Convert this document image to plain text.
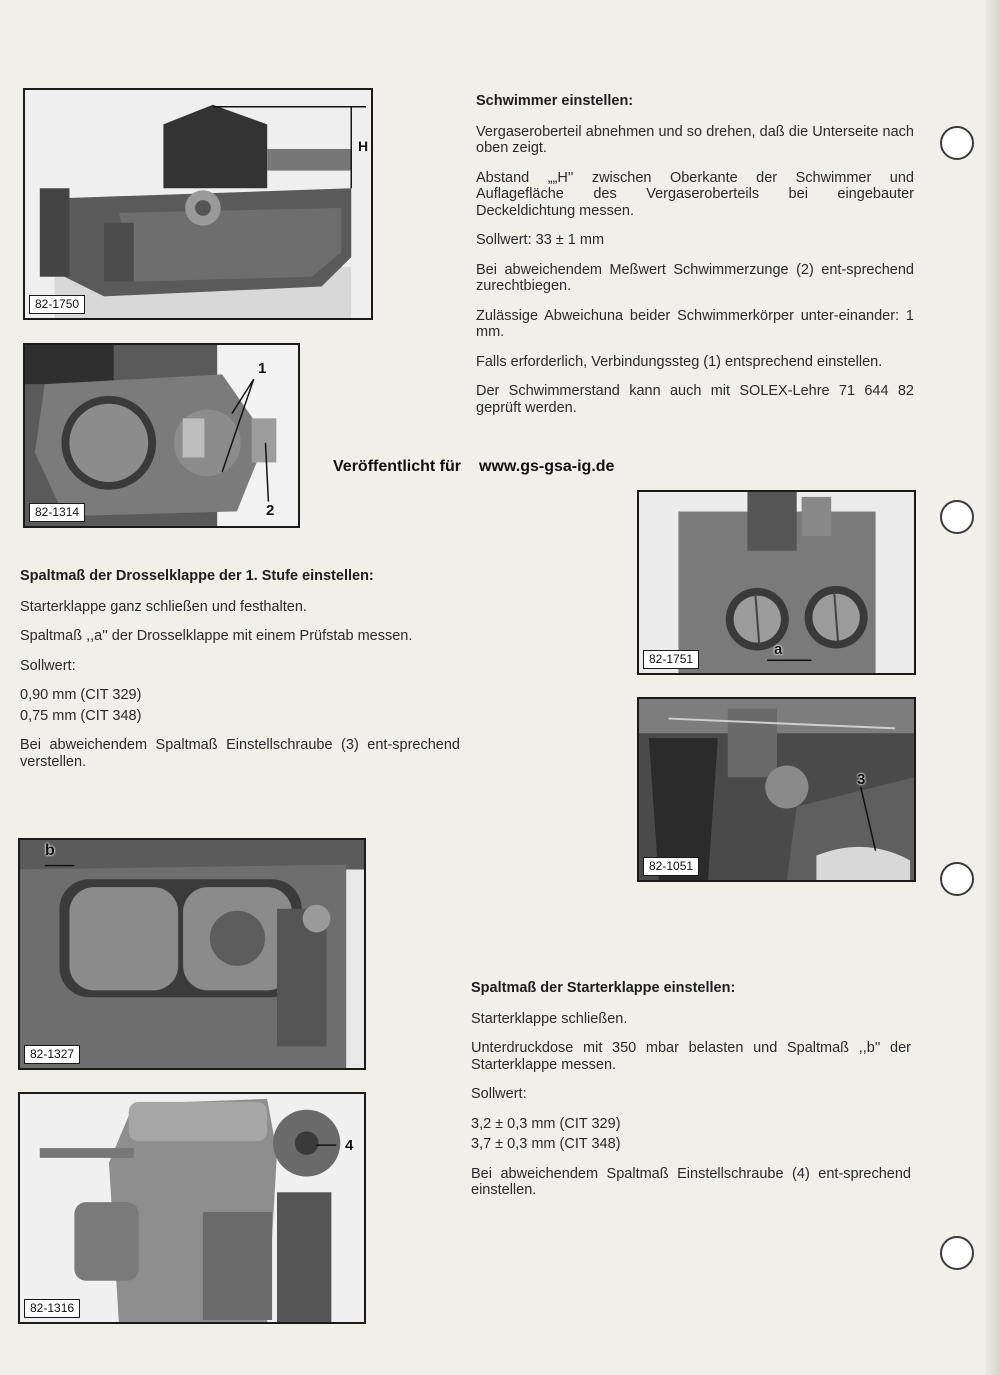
H
82-1750
1
2
82-1314
a
82-1751
3
82-1051
b
82-1327
4
82-1316
Veröffentlicht für www.gs-gsa-ig.de
Schwimmer einstellen:

Vergaseroberteil abnehmen und so drehen, daß die Unterseite nach oben zeigt.

Abstand „„H'' zwischen Oberkante der Schwimmer und Auflagefläche des Vergaseroberteils bei eingebauter Deckeldichtung messen.

Sollwert: 33 ± 1 mm

Bei abweichendem Meßwert Schwimmerzunge (2) ent-sprechend zurechtbiegen.

Zulässige Abweichuna beider Schwimmerkörper unter-einander: 1 mm.

Falls erforderlich, Verbindungssteg (1) entsprechend einstellen.

Der Schwimmerstand kann auch mit SOLEX-Lehre 71 644 82 geprüft werden.

Spaltmaß der Drosselklappe der 1. Stufe einstellen:

Starterklappe ganz schließen und festhalten.

Spaltmaß ,,a'' der Drosselklappe mit einem Prüfstab messen.

Sollwert:

0,90 mm (CIT 329)

0,75 mm (CIT 348)

Bei abweichendem Spaltmaß Einstellschraube (3) ent-sprechend verstellen.

Spaltmaß der Starterklappe einstellen:

Starterklappe schließen.

Unterdruckdose mit 350 mbar belasten und Spaltmaß ,,b'' der Starterklappe messen.

Sollwert:

3,2 ± 0,3 mm (CIT 329)

3,7 ± 0,3 mm (CIT 348)

Bei abweichendem Spaltmaß Einstellschraube (4) ent-sprechend einstellen.
